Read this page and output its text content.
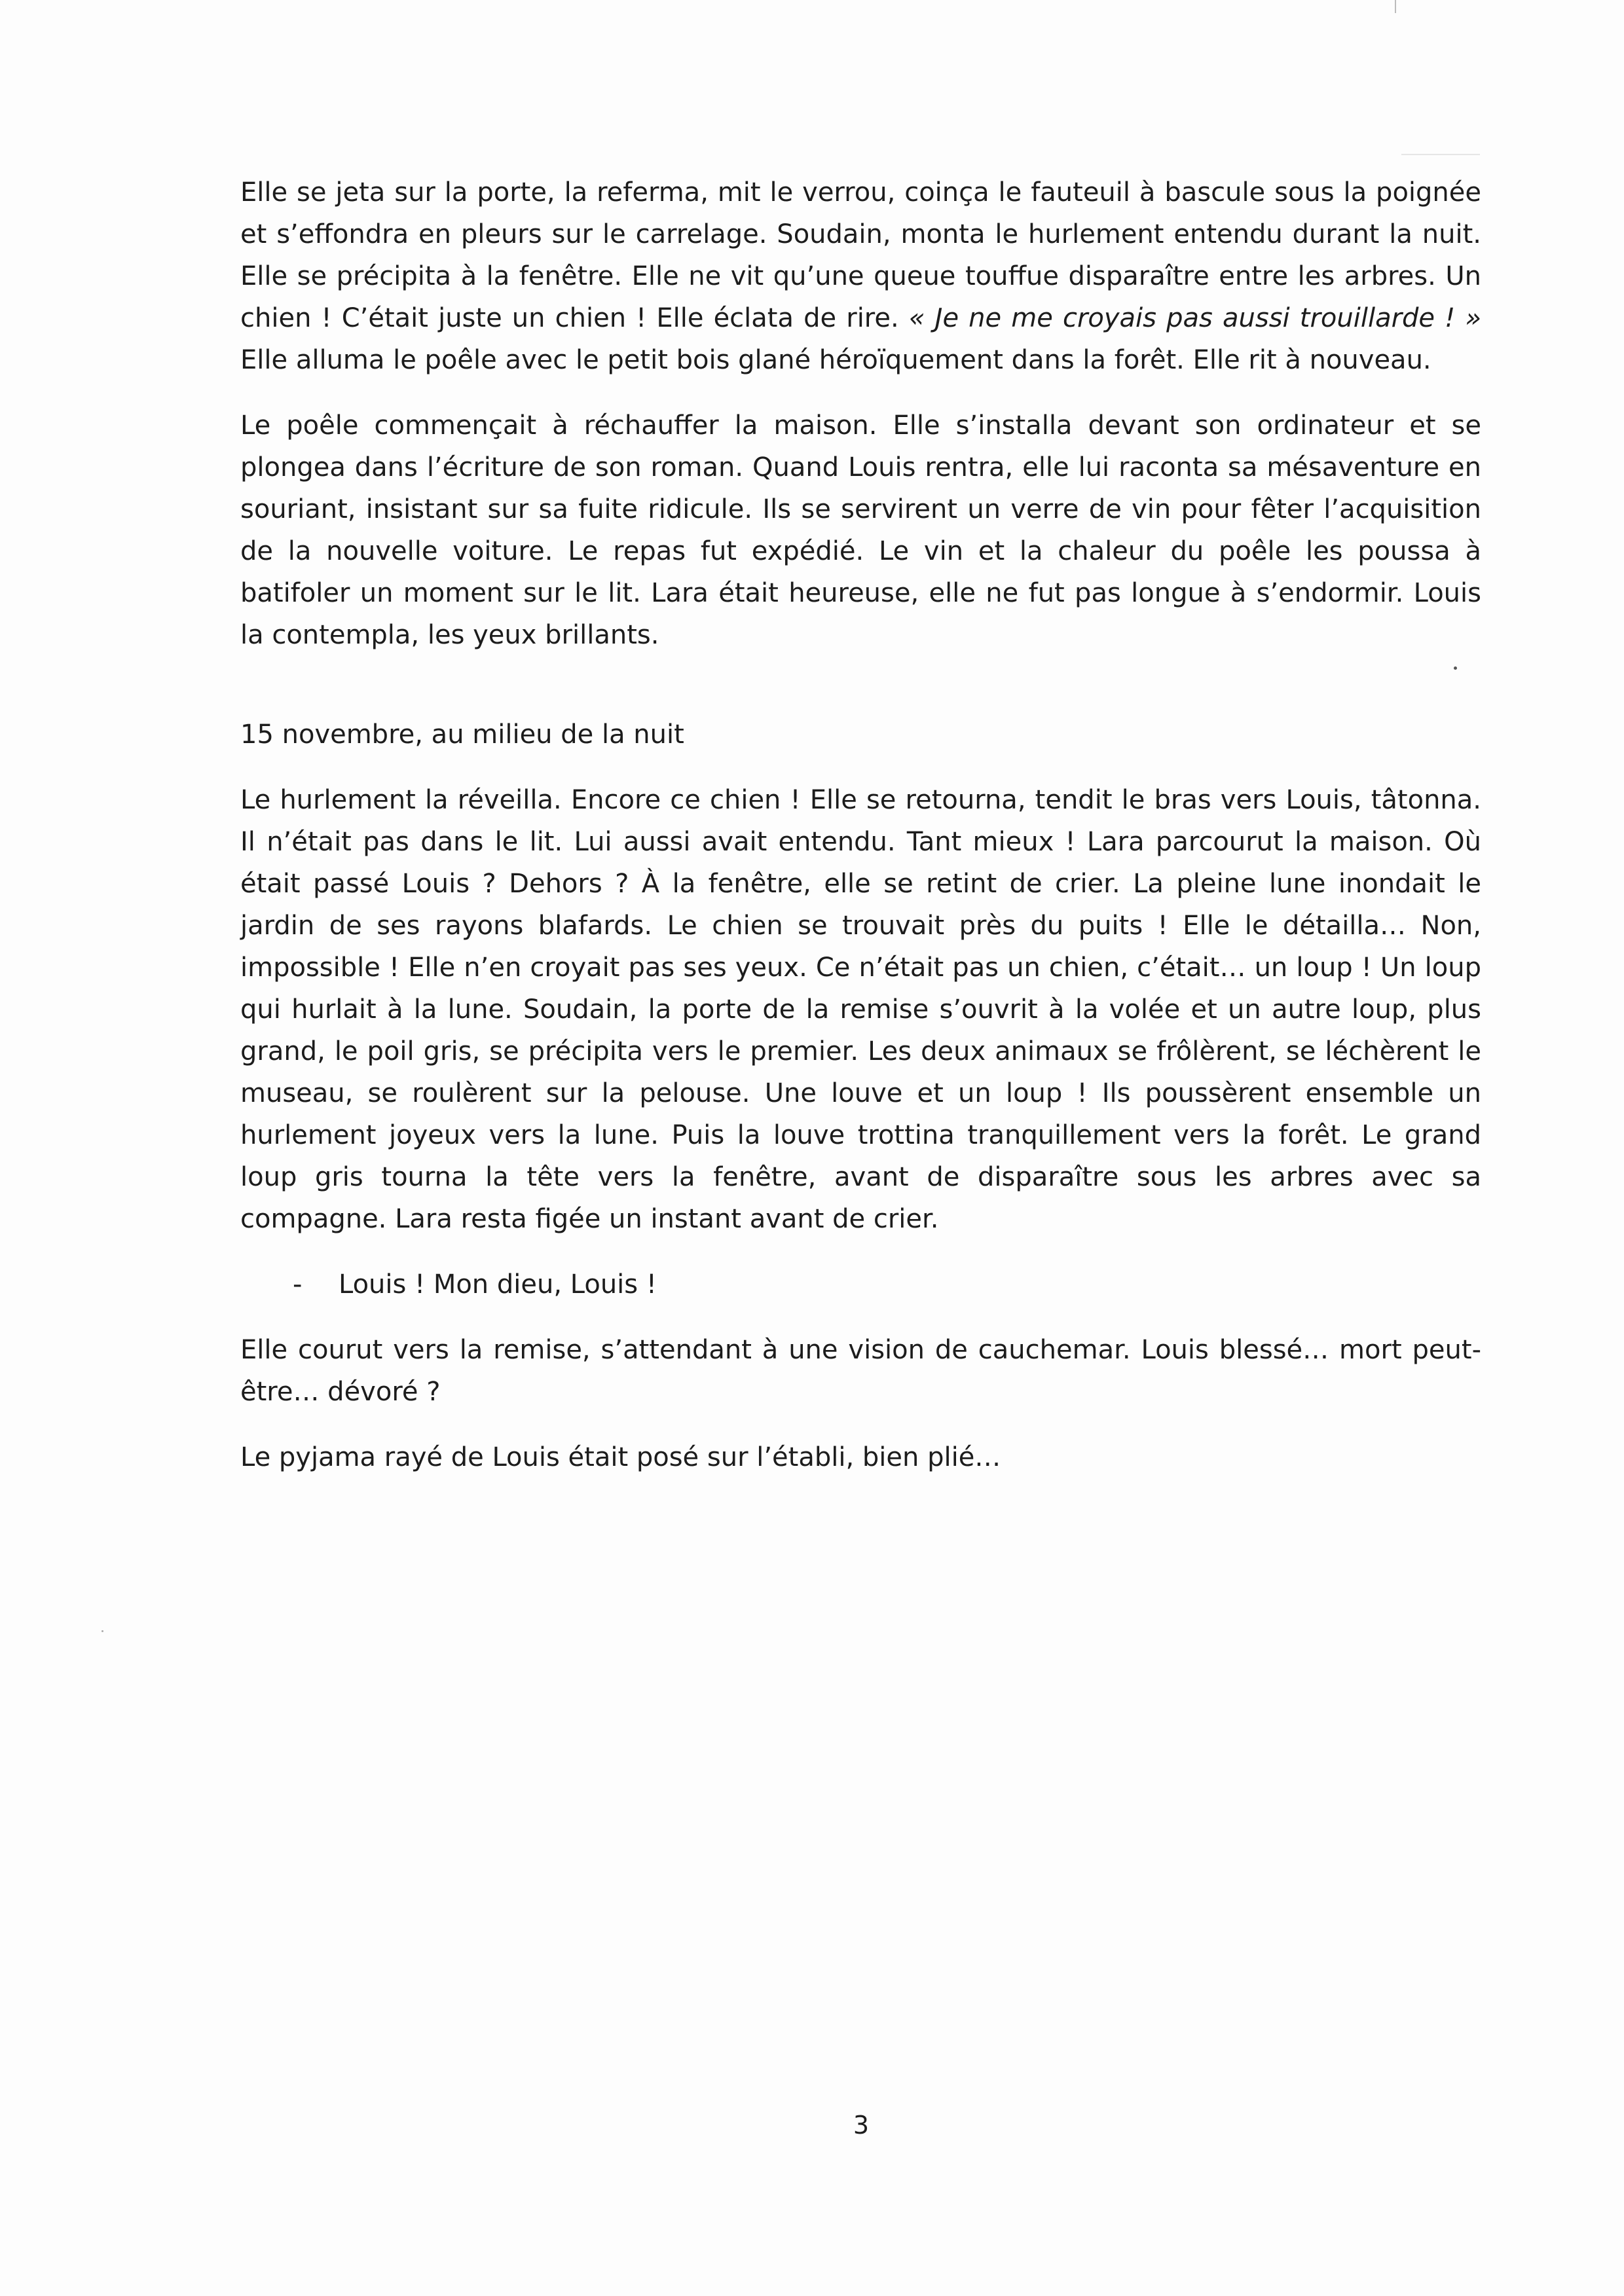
Elle se jeta sur la porte, la referma, mit le verrou, coinça le fauteuil à bascule sous la poignée et s’effondra en pleurs sur le carrelage. Soudain, monta le hurlement entendu durant la nuit. Elle se précipita à la fenêtre. Elle ne vit qu’une queue touffue disparaître entre les arbres. Un chien ! C’était juste un chien ! Elle éclata de rire. « Je ne me croyais pas aussi trouillarde ! » Elle alluma le poêle avec le petit bois glané héroïquement dans la forêt. Elle rit à nouveau.

Le poêle commençait à réchauffer la maison. Elle s’installa devant son ordinateur et se plongea dans l’écriture de son roman. Quand Louis rentra, elle lui raconta sa mésaventure en souriant, insistant sur sa fuite ridicule. Ils se servirent un verre de vin pour fêter l’acquisition de la nouvelle voiture. Le repas fut expédié. Le vin et la chaleur du poêle les poussa à batifoler un moment sur le lit. Lara était heureuse, elle ne fut pas longue à s’endormir. Louis la contempla, les yeux brillants.

15 novembre, au milieu de la nuit

Le hurlement la réveilla. Encore ce chien ! Elle se retourna, tendit le bras vers Louis, tâtonna. Il n’était pas dans le lit. Lui aussi avait entendu. Tant mieux ! Lara parcourut la maison. Où était passé Louis ? Dehors ? À la fenêtre, elle se retint de crier. La pleine lune inondait le jardin de ses rayons blafards. Le chien se trouvait près du puits ! Elle le détailla… Non, impossible ! Elle n’en croyait pas ses yeux. Ce n’était pas un chien, c’était… un loup ! Un loup qui hurlait à la lune. Soudain, la porte de la remise s’ouvrit à la volée et un autre loup, plus grand, le poil gris, se précipita vers le premier. Les deux animaux se frôlèrent, se léchèrent le museau, se roulèrent sur la pelouse. Une louve et un loup ! Ils poussèrent ensemble un hurlement joyeux vers la lune. Puis la louve trottina tranquillement vers la forêt. Le grand loup gris tourna la tête vers la fenêtre, avant de disparaître sous les arbres avec sa compagne. Lara resta figée un instant avant de crier.

-	Louis ! Mon dieu, Louis !

Elle courut vers la remise, s’attendant à une vision de cauchemar. Louis blessé… mort peut-être… dévoré ?

Le pyjama rayé de Louis était posé sur l’établi, bien plié…

3
